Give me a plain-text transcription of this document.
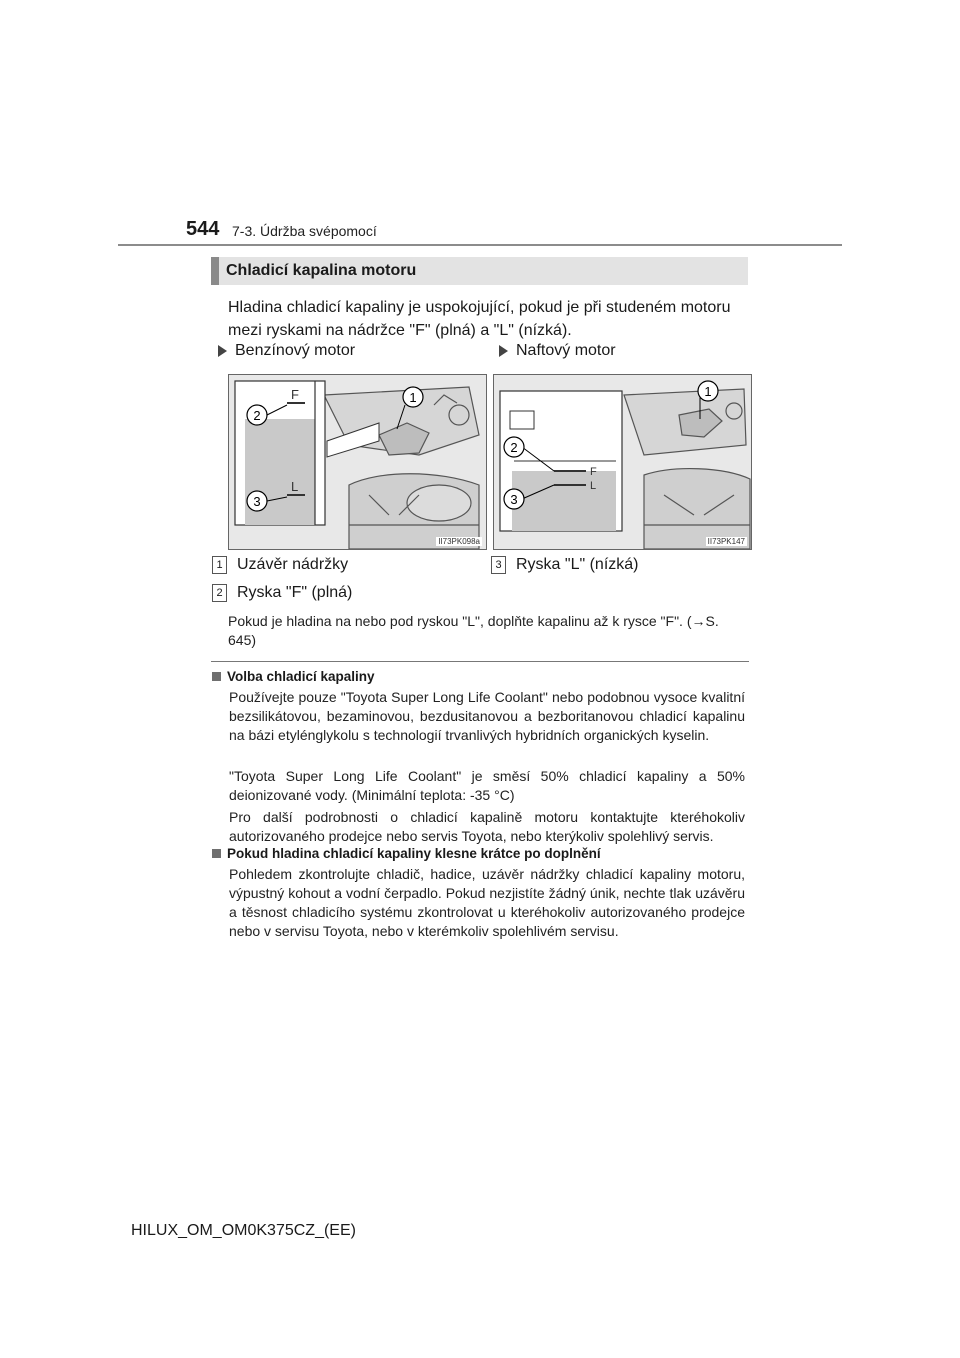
544 7-3. Údržba svépomocí
Chladicí kapalina motoru
Hladina chladicí kapaliny je uspokojující, pokud je při studeném motoru mezi ryskami na nádržce "F" (plná) a "L" (nízká).
Benzínový motor	Naftový motor
F
L
2
3
1
II73PK098a
F
L
2
3
1
II73PK147
1 Uzávěr nádržky	3 Ryska "L" (nízká)
2 Ryska "F" (plná)
Pokud je hladina na nebo pod ryskou "L", doplňte kapalinu až k rysce "F". (→S. 645)
Volba chladicí kapaliny
Používejte pouze "Toyota Super Long Life Coolant" nebo podobnou vysoce kvalitní bezsilikátovou, bezaminovou, bezdusitanovou a bezboritanovou chladicí kapalinu na bázi etylénglykolu s technologií trvanlivých hybridních organických kyselin.
"Toyota Super Long Life Coolant" je směsí 50% chladicí kapaliny a 50% deionizované vody. (Minimální teplota: -35 °C)
Pro další podrobnosti o chladicí kapalině motoru kontaktujte kteréhokoliv autorizovaného prodejce nebo servis Toyota, nebo kterýkoliv spolehlivý servis.
Pokud hladina chladicí kapaliny klesne krátce po doplnění
Pohledem zkontrolujte chladič, hadice, uzávěr nádržky chladicí kapaliny motoru, výpustný kohout a vodní čerpadlo. Pokud nezjistíte žádný únik, nechte tlak uzávěru a těsnost chladicího systému zkontrolovat u kteréhokoliv autorizovaného prodejce nebo v servisu Toyota, nebo v kterémkoliv spolehlivém servisu.
HILUX_OM_OM0K375CZ_(EE)
